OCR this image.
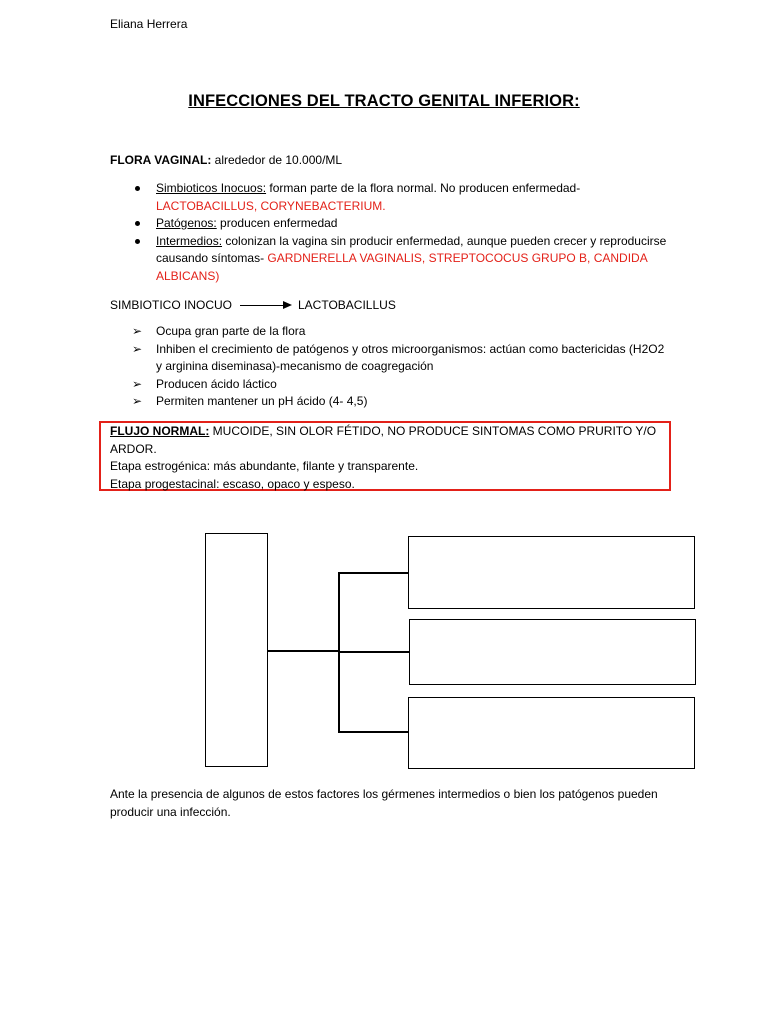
Eliana Herrera
INFECCIONES DEL TRACTO GENITAL INFERIOR:
FLORA VAGINAL: alrededor de 10.000/ML
Simbioticos Inocuos: forman parte de la flora normal. No producen enfermedad- LACTOBACILLUS, CORYNEBACTERIUM.
Patógenos: producen enfermedad
Intermedios: colonizan la vagina sin producir enfermedad, aunque pueden crecer y reproducirse causando síntomas- GARDNERELLA VAGINALIS, STREPTOCOCUS GRUPO B, CANDIDA ALBICANS)
SIMBIOTICO INOCUO	LACTOBACILLUS
➢ Ocupa gran parte de la flora
➢ Inhiben el crecimiento de patógenos y otros microorganismos: actúan como bactericidas (H2O2 y arginina diseminasa)-mecanismo de coagregación
➢ Producen ácido láctico
➢ Permiten mantener un pH ácido (4- 4,5)
FLUJO NORMAL: MUCOIDE, SIN OLOR FÉTIDO, NO PRODUCE SINTOMAS COMO PRURITO Y/O ARDOR.
Etapa estrogénica: más abundante, filante y transparente.
Etapa progestacinal: escaso, opaco y espeso.
Ante la presencia de algunos de estos factores los gérmenes intermedios o bien los patógenos pueden producir una infección.
